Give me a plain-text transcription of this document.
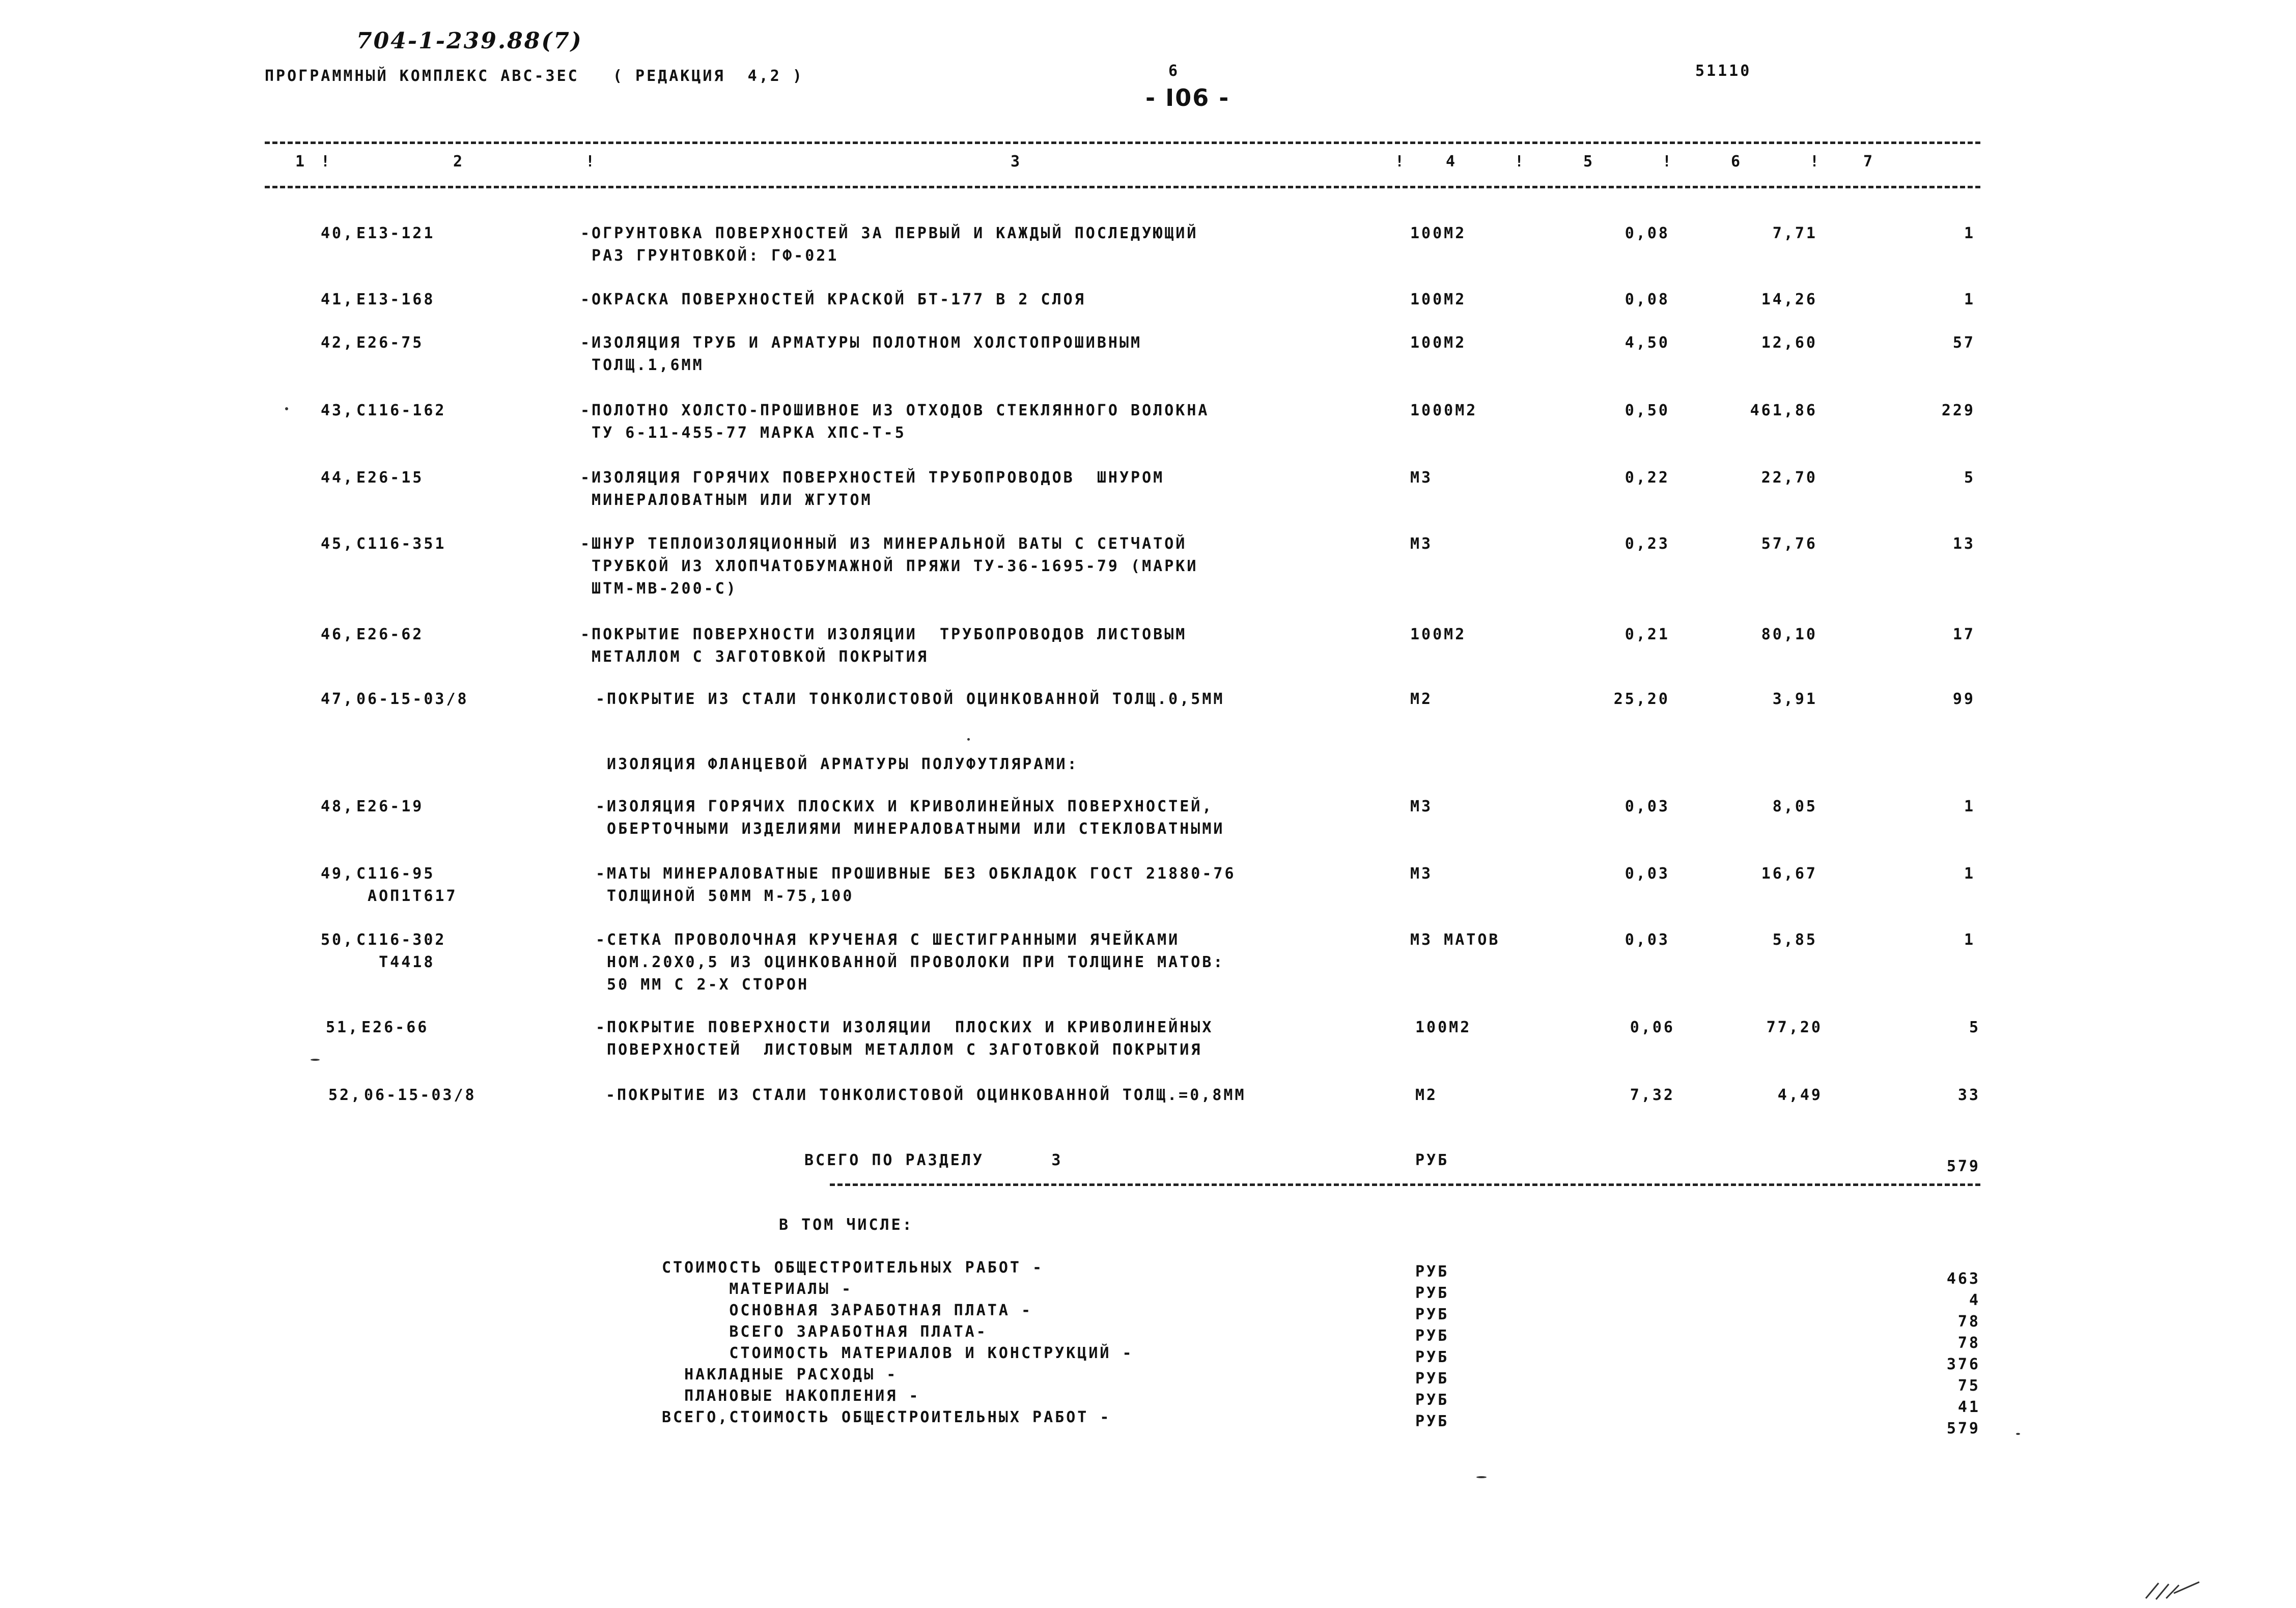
704-1-239.88(7)
ПРОГРАММНЫЙ КОМПЛЕКС АВС-3ЕС   ( РЕДАКЦИЯ  4,2 )	6
- I06 -
51110
1 !	2	!	3	!	4	!	5	!	6	!	7
40, Е13-121	-ОГРУНТОВКА ПОВЕРХНОСТЕЙ ЗА ПЕРВЫЙ И КАЖДЫЙ ПОСЛЕДУЮЩИЙ
РАЗ ГРУНТОВКОЙ: ГФ-021
100М2	0,08	7,71	1
41, Е13-168	-ОКРАСКА ПОВЕРХНОСТЕЙ КРАСКОЙ БТ-177 В 2 СЛОЯ	100М2	0,08	14,26	1
42, Е26-75	-ИЗОЛЯЦИЯ ТРУБ И АРМАТУРЫ ПОЛОТНОМ ХОЛСТОПРОШИВНЫМ
ТОЛЩ.1,6ММ
100М2	4,50	12,60	57
43, С116-162	-ПОЛОТНО ХОЛСТО-ПРОШИВНОЕ ИЗ ОТХОДОВ СТЕКЛЯННОГО ВОЛОКНА
ТУ 6-11-455-77 МАРКА ХПС-Т-5
1000М2	0,50	461,86	229
44, Е26-15	-ИЗОЛЯЦИЯ ГОРЯЧИХ ПОВЕРХНОСТЕЙ ТРУБОПРОВОДОВ  ШНУРОМ
МИНЕРАЛОВАТНЫМ ИЛИ ЖГУТОМ
М3	0,22	22,70	5
45, С116-351	-ШНУР ТЕПЛОИЗОЛЯЦИОННЫЙ ИЗ МИНЕРАЛЬНОЙ ВАТЫ С СЕТЧАТОЙ
ТРУБКОЙ ИЗ ХЛОПЧАТОБУМАЖНОЙ ПРЯЖИ ТУ-36-1695-79 (МАРКИ
ШТМ-МВ-200-С)
М3	0,23	57,76	13
46, Е26-62	-ПОКРЫТИЕ ПОВЕРХНОСТИ ИЗОЛЯЦИИ  ТРУБОПРОВОДОВ ЛИСТОВЫМ
МЕТАЛЛОМ С ЗАГОТОВКОЙ ПОКРЫТИЯ
100М2	0,21	80,10	17
47, 06-15-03/8	-ПОКРЫТИЕ ИЗ СТАЛИ ТОНКОЛИСТОВОЙ ОЦИНКОВАННОЙ ТОЛЩ.0,5ММ	М2	25,20	3,91	99
ИЗОЛЯЦИЯ ФЛАНЦЕВОЙ АРМАТУРЫ ПОЛУФУТЛЯРАМИ:
48, Е26-19	-ИЗОЛЯЦИЯ ГОРЯЧИХ ПЛОСКИХ И КРИВОЛИНЕЙНЫХ ПОВЕРХНОСТЕЙ,
ОБЕРТОЧНЫМИ ИЗДЕЛИЯМИ МИНЕРАЛОВАТНЫМИ ИЛИ СТЕКЛОВАТНЫМИ
М3	0,03	8,05	1
49, С116-95
АОП1Т617
-МАТЫ МИНЕРАЛОВАТНЫЕ ПРОШИВНЫЕ БЕЗ ОБКЛАДОК ГОСТ 21880-76
ТОЛЩИНОЙ 50ММ М-75,100
М3	0,03	16,67	1
50, С116-302
Т4418
-СЕТКА ПРОВОЛОЧНАЯ КРУЧЕНАЯ С ШЕСТИГРАННЫМИ ЯЧЕЙКАМИ
НОМ.20Х0,5 ИЗ ОЦИНКОВАННОЙ ПРОВОЛОКИ ПРИ ТОЛЩИНЕ МАТОВ:
50 ММ С 2-Х СТОРОН
М3 МАТОВ	0,03	5,85	1
51, Е26-66	-ПОКРЫТИЕ ПОВЕРХНОСТИ ИЗОЛЯЦИИ  ПЛОСКИХ И КРИВОЛИНЕЙНЫХ
ПОВЕРХНОСТЕЙ  ЛИСТОВЫМ МЕТАЛЛОМ С ЗАГОТОВКОЙ ПОКРЫТИЯ
100М2	0,06	77,20	5
52, 06-15-03/8	-ПОКРЫТИЕ ИЗ СТАЛИ ТОНКОЛИСТОВОЙ ОЦИНКОВАННОЙ ТОЛЩ.=0,8ММ	М2	7,32	4,49	33
ВСЕГО ПО РАЗДЕЛУ      3	РУБ	579
В ТОМ ЧИСЛЕ:
СТОИМОСТЬ ОБЩЕСТРОИТЕЛЬНЫХ РАБОТ -	РУБ	463
МАТЕРИАЛЫ -	РУБ	4
ОСНОВНАЯ ЗАРАБОТНАЯ ПЛАТА -	РУБ	78
ВСЕГО ЗАРАБОТНАЯ ПЛАТА-	РУБ	78
СТОИМОСТЬ МАТЕРИАЛОВ И КОНСТРУКЦИЙ -	РУБ	376
НАКЛАДНЫЕ РАСХОДЫ -	РУБ	75
ПЛАНОВЫЕ НАКОПЛЕНИЯ -	РУБ	41
ВСЕГО,СТОИМОСТЬ ОБЩЕСТРОИТЕЛЬНЫХ РАБОТ -	РУБ	579
